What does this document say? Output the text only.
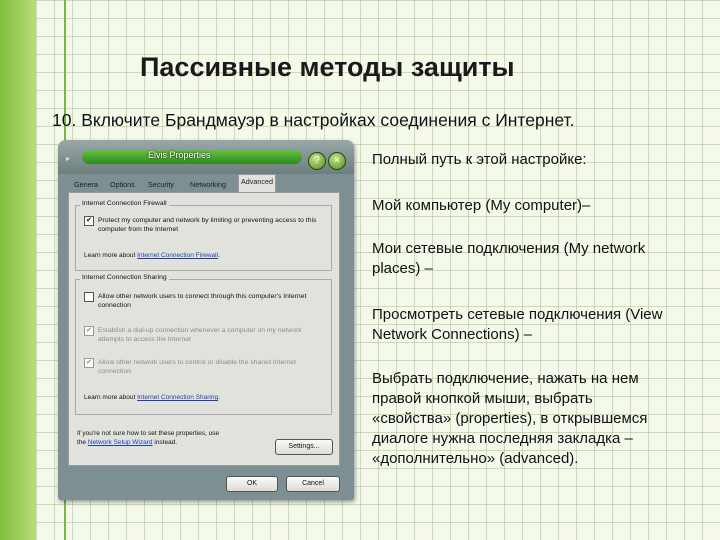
Пассивные методы защиты
10. Включите Брандмауэр в настройках соединения с Интернет.
▸	Elvis Properties	?	×
Genera Options Security Networking	Advanced
Internet Connection Firewall
✔
Protect my computer and network by limiting or preventing access to this computer from the Internet
Learn more about Internet Connection Firewall.
Internet Connection Sharing
Allow other network users to connect through this computer's Internet connection
✔
Establish a dial-up connection whenever a computer on my network attempts to access the Internet
✔
Allow other network users to control or disable the shared Internet connection
Learn more about Internet Connection Sharing.
If you're not sure how to set these properties, use
the Network Setup Wizard instead.
Settings...
OK	Cancel
Полный путь к этой настройке:
Мой компьютер (My computer)–
Мои сетевые подключения (My network places) –
Просмотреть сетевые подключения (View Network Connections) –
Выбрать подключение, нажать на нем правой кнопкой мыши, выбрать «свойства» (properties), в открывшемся диалоге нужна последняя закладка – «дополнительно» (advanced).
